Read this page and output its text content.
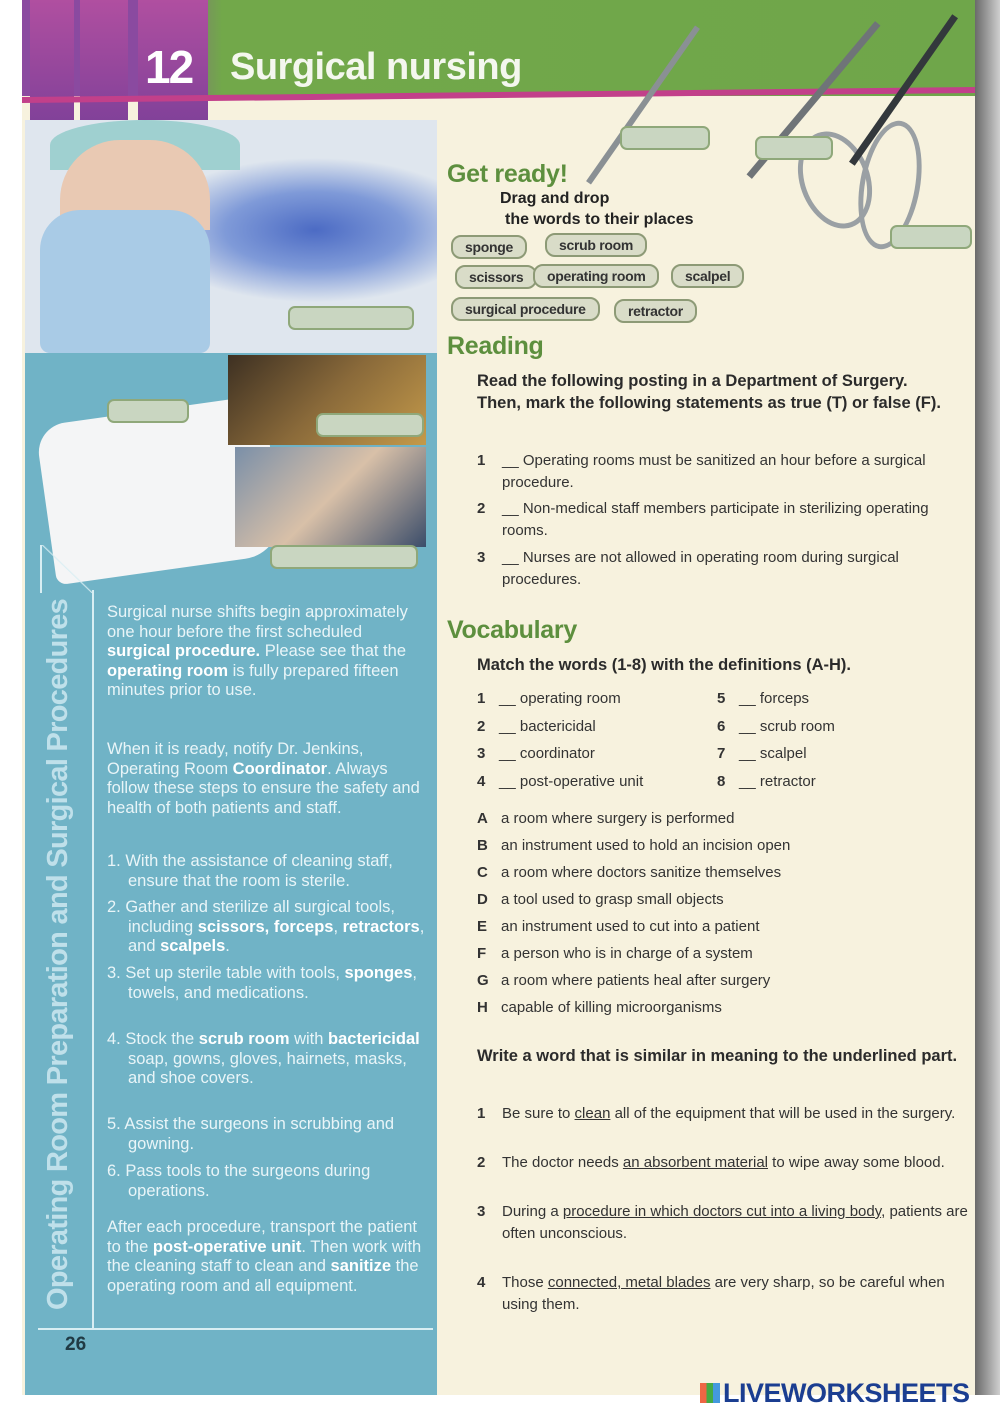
12 Surgical nursing
Operating Room Preparation and Surgical Procedures
26
Surgical nurse shifts begin approximately one hour before the first scheduled surgical procedure. Please see that the operating room is fully prepared fifteen minutes prior to use.
When it is ready, notify Dr. Jenkins, Operating Room Coordinator. Always follow these steps to ensure the safety and health of both patients and staff.
1. With the assistance of cleaning staff, ensure that the room is sterile.
2. Gather and sterilize all surgical tools, including scissors, forceps, retractors, and scalpels.
3. Set up sterile table with tools, sponges, towels, and medications.
4. Stock the scrub room with bactericidal soap, gowns, gloves, hairnets, masks, and shoe covers.
5. Assist the surgeons in scrubbing and gowning.
6. Pass tools to the surgeons during operations.
After each procedure, transport the patient to the post-operative unit. Then work with the cleaning staff to clean and sanitize the operating room and all equipment.
Get ready!
Drag and drop
the words to their places
sponge	scrub room
scissors	operating room	scalpel
surgical procedure	retractor
Reading
Read the following posting in a Department of Surgery. Then, mark the following statements as true (T) or false (F).
1 __ Operating rooms must be sanitized an hour before a surgical procedure.
2 __ Non-medical staff members participate in sterilizing operating rooms.
3 __ Nurses are not allowed in operating room during surgical procedures.
Vocabulary
Match the words (1-8) with the definitions (A-H).
1 __ operating room
2 __ bactericidal
3 __ coordinator
4 __ post-operative unit
5 __ forceps
6 __ scrub room
7 __ scalpel
8 __ retractor
A a room where surgery is performed
B an instrument used to hold an incision open
C a room where doctors sanitize themselves
D a tool used to grasp small objects
E an instrument used to cut into a patient
F a person who is in charge of a system
G a room where patients heal after surgery
H capable of killing microorganisms
Write a word that is similar in meaning to the underlined part.
1 Be sure to clean all of the equipment that will be used in the surgery.
2 The doctor needs an absorbent material to wipe away some blood.
3 During a procedure in which doctors cut into a living body, patients are often unconscious.
4 Those connected, metal blades are very sharp, so be careful when using them.
LIVEWORKSHEETS
